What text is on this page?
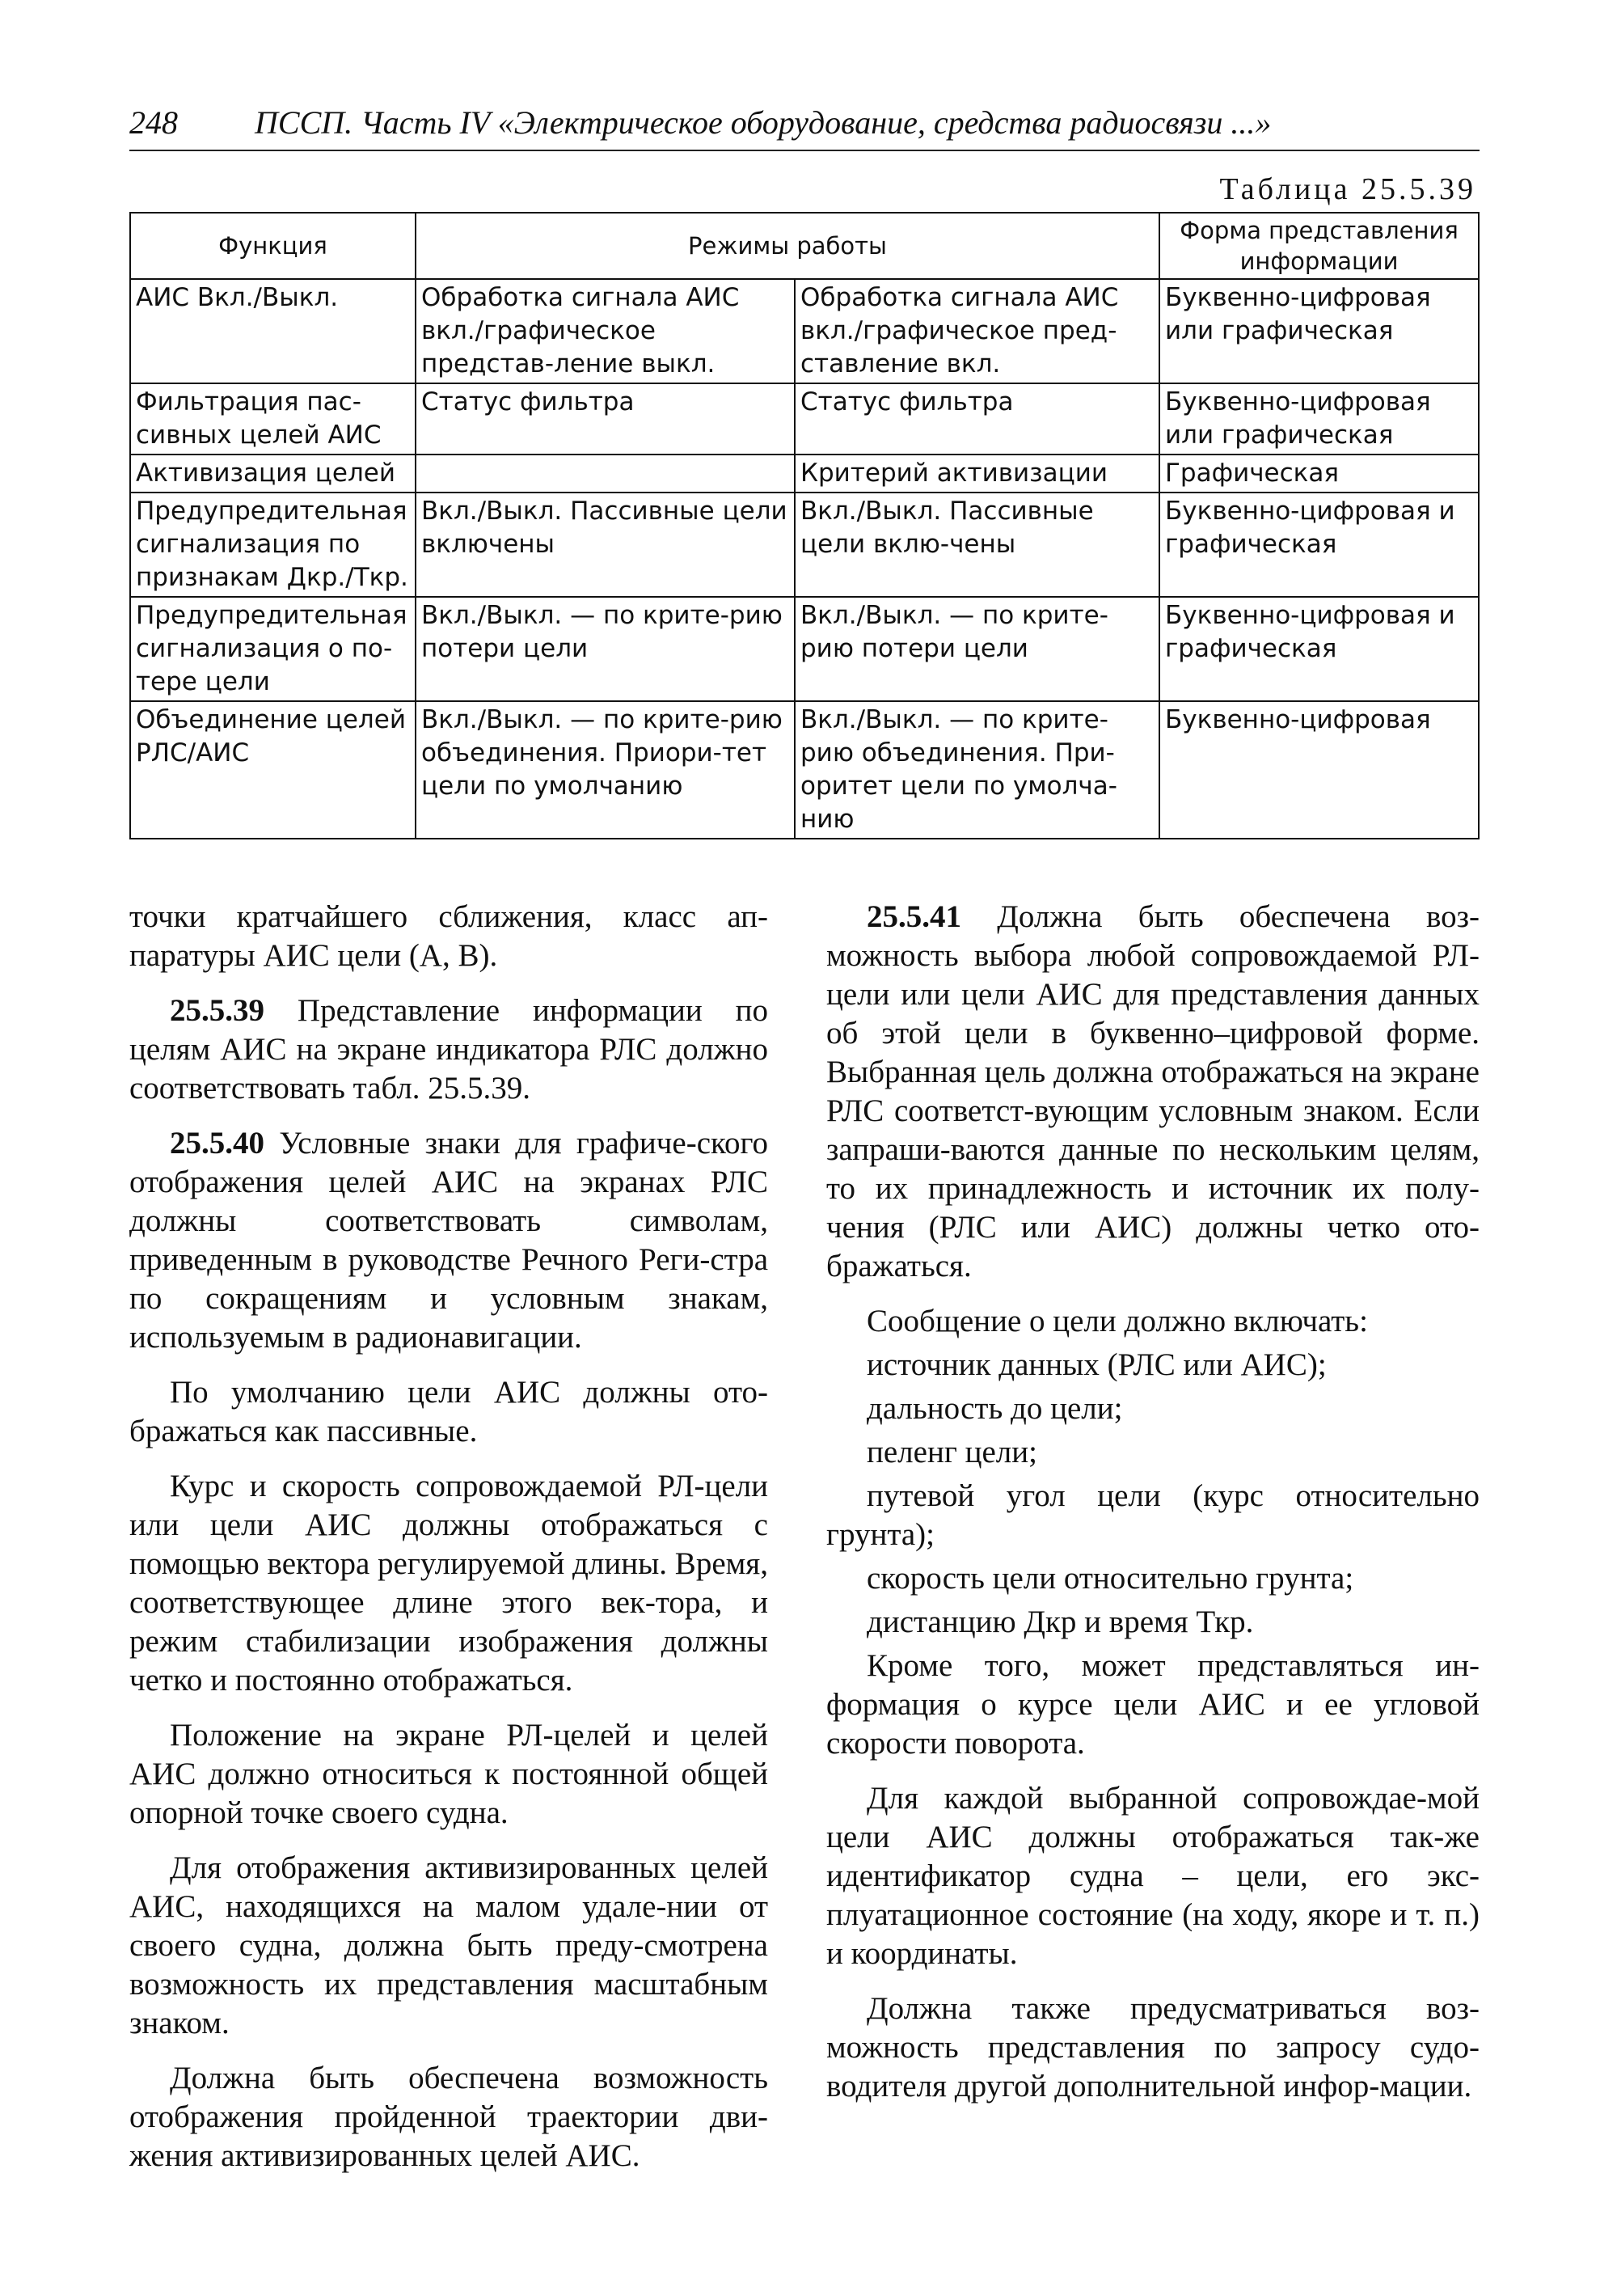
248 ПССП. Часть IV «Электрическое оборудование, средства радиосвязи ...»
Таблица 25.5.39
Функция	Режимы работы		Форма представления информации
АИС Вкл./Выкл.	Обработка сигнала АИС вкл./графическое представ-ление выкл.	Обработка сигнала АИС вкл./графическое пред-ставление вкл.	Буквенно-цифровая или графическая
Фильтрация пас-сивных целей АИС	Статус фильтра	Статус фильтра	Буквенно-цифровая или графическая
Активизация целей		Критерий активизации	Графическая
Предупредительная сигнализация по признакам Дкр./Ткр.	Вкл./Выкл. Пассивные цели включены	Вкл./Выкл. Пассивные цели вклю-чены	Буквенно-цифровая и графическая
Предупредительная сигнализация о по-тере цели	Вкл./Выкл. — по крите-рию потери цели	Вкл./Выкл. — по крите-рию потери цели	Буквенно-цифровая и графическая
Объединение целей РЛС/АИС	Вкл./Выкл. — по крите-рию объединения. Приори-тет цели по умолчанию	Вкл./Выкл. — по крите-рию объединения. При-оритет цели по умолча-нию	Буквенно-цифровая

точки кратчайшего сближения, класс ап-паратуры АИС цели (А, В).

25.5.39 Представление информации по целям АИС на экране индикатора РЛС должно соответствовать табл. 25.5.39.

25.5.40 Условные знаки для графиче-ского отображения целей АИС на экранах РЛС должны соответствовать символам, приведенным в руководстве Речного Реги-стра по сокращениям и условным знакам, используемым в радионавигации.

По умолчанию цели АИС должны ото-бражаться как пассивные.

Курс и скорость сопровождаемой РЛ-цели или цели АИС должны отображаться с помощью вектора регулируемой длины. Время, соответствующее длине этого век-тора, и режим стабилизации изображения должны четко и постоянно отображаться.

Положение на экране РЛ-целей и целей АИС должно относиться к постоянной общей опорной точке своего судна.

Для отображения активизированных целей АИС, находящихся на малом удале-нии от своего судна, должна быть преду-смотрена возможность их представления масштабным знаком.

Должна быть обеспечена возможность отображения пройденной траектории дви-жения активизированных целей АИС.

25.5.41 Должна быть обеспечена воз-можность выбора любой сопровождаемой РЛ-цели или цели АИС для представления данных об этой цели в буквенно–цифровой форме. Выбранная цель должна отображаться на экране РЛС соответст-вующим условным знаком. Если запраши-ваются данные по нескольким целям, то их принадлежность и источник их полу-чения (РЛС или АИС) должны четко ото-бражаться.

Сообщение о цели должно включать:

источник данных (РЛС или АИС);

дальность до цели;

пеленг цели;

путевой угол цели (курс относительно грунта);

скорость цели относительно грунта;

дистанцию Дкр и время Ткр.

Кроме того, может представляться ин-формация о курсе цели АИС и ее угловой скорости поворота.

Для каждой выбранной сопровождае-мой цели АИС должны отображаться так-же идентификатор судна – цели, его экс-плуатационное состояние (на ходу, якоре и т. п.) и координаты.

Должна также предусматриваться воз-можность представления по запросу судо-водителя другой дополнительной инфор-мации.
